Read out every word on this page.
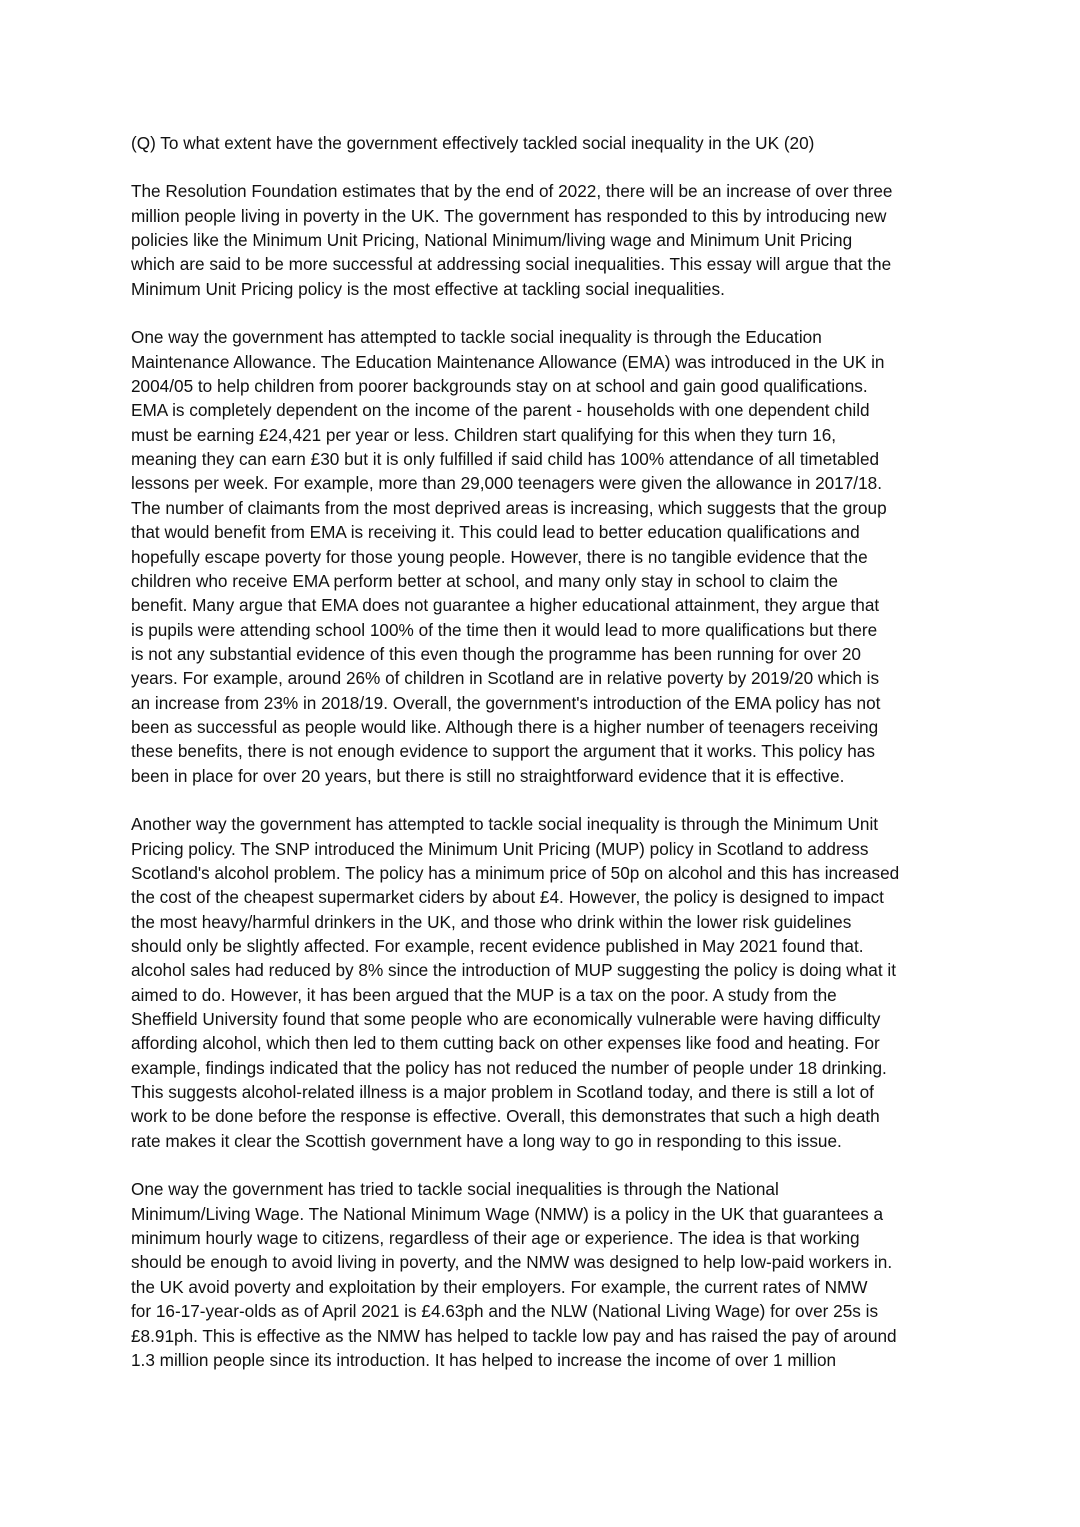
(Q) To what extent have the government effectively tackled social inequality in the UK (20)
The Resolution Foundation estimates that by the end of 2022, there will be an increase of over three
million people living in poverty in the UK. The government has responded to this by introducing new
policies like the Minimum Unit Pricing, National Minimum/living wage and Minimum Unit Pricing
which are said to be more successful at addressing social inequalities. This essay will argue that the
Minimum Unit Pricing policy is the most effective at tackling social inequalities.
One way the government has attempted to tackle social inequality is through the Education
Maintenance Allowance. The Education Maintenance Allowance (EMA) was introduced in the UK in
2004/05 to help children from poorer backgrounds stay on at school and gain good qualifications.
EMA is completely dependent on the income of the parent - households with one dependent child
must be earning £24,421 per year or less. Children start qualifying for this when they turn 16,
meaning they can earn £30 but it is only fulfilled if said child has 100% attendance of all timetabled
lessons per week. For example, more than 29,000 teenagers were given the allowance in 2017/18.
The number of claimants from the most deprived areas is increasing, which suggests that the group
that would benefit from EMA is receiving it. This could lead to better education qualifications and
hopefully escape poverty for those young people. However, there is no tangible evidence that the
children who receive EMA perform better at school, and many only stay in school to claim the
benefit. Many argue that EMA does not guarantee a higher educational attainment, they argue that
is pupils were attending school 100% of the time then it would lead to more qualifications but there
is not any substantial evidence of this even though the programme has been running for over 20
years. For example, around 26% of children in Scotland are in relative poverty by 2019/20 which is
an increase from 23% in 2018/19. Overall, the government's introduction of the EMA policy has not
been as successful as people would like. Although there is a higher number of teenagers receiving
these benefits, there is not enough evidence to support the argument that it works. This policy has
been in place for over 20 years, but there is still no straightforward evidence that it is effective.
Another way the government has attempted to tackle social inequality is through the Minimum Unit
Pricing policy. The SNP introduced the Minimum Unit Pricing (MUP) policy in Scotland to address
Scotland's alcohol problem. The policy has a minimum price of 50p on alcohol and this has increased
the cost of the cheapest supermarket ciders by about £4. However, the policy is designed to impact
the most heavy/harmful drinkers in the UK, and those who drink within the lower risk guidelines
should only be slightly affected. For example, recent evidence published in May 2021 found that.
alcohol sales had reduced by 8% since the introduction of MUP suggesting the policy is doing what it
aimed to do. However, it has been argued that the MUP is a tax on the poor. A study from the
Sheffield University found that some people who are economically vulnerable were having difficulty
affording alcohol, which then led to them cutting back on other expenses like food and heating. For
example, findings indicated that the policy has not reduced the number of people under 18 drinking.
This suggests alcohol-related illness is a major problem in Scotland today, and there is still a lot of
work to be done before the response is effective. Overall, this demonstrates that such a high death
rate makes it clear the Scottish government have a long way to go in responding to this issue.
One way the government has tried to tackle social inequalities is through the National
Minimum/Living Wage. The National Minimum Wage (NMW) is a policy in the UK that guarantees a
minimum hourly wage to citizens, regardless of their age or experience. The idea is that working
should be enough to avoid living in poverty, and the NMW was designed to help low-paid workers in.
the UK avoid poverty and exploitation by their employers. For example, the current rates of NMW
for 16-17-year-olds as of April 2021 is £4.63ph and the NLW (National Living Wage) for over 25s is
£8.91ph. This is effective as the NMW has helped to tackle low pay and has raised the pay of around
1.3 million people since its introduction. It has helped to increase the income of over 1 million
